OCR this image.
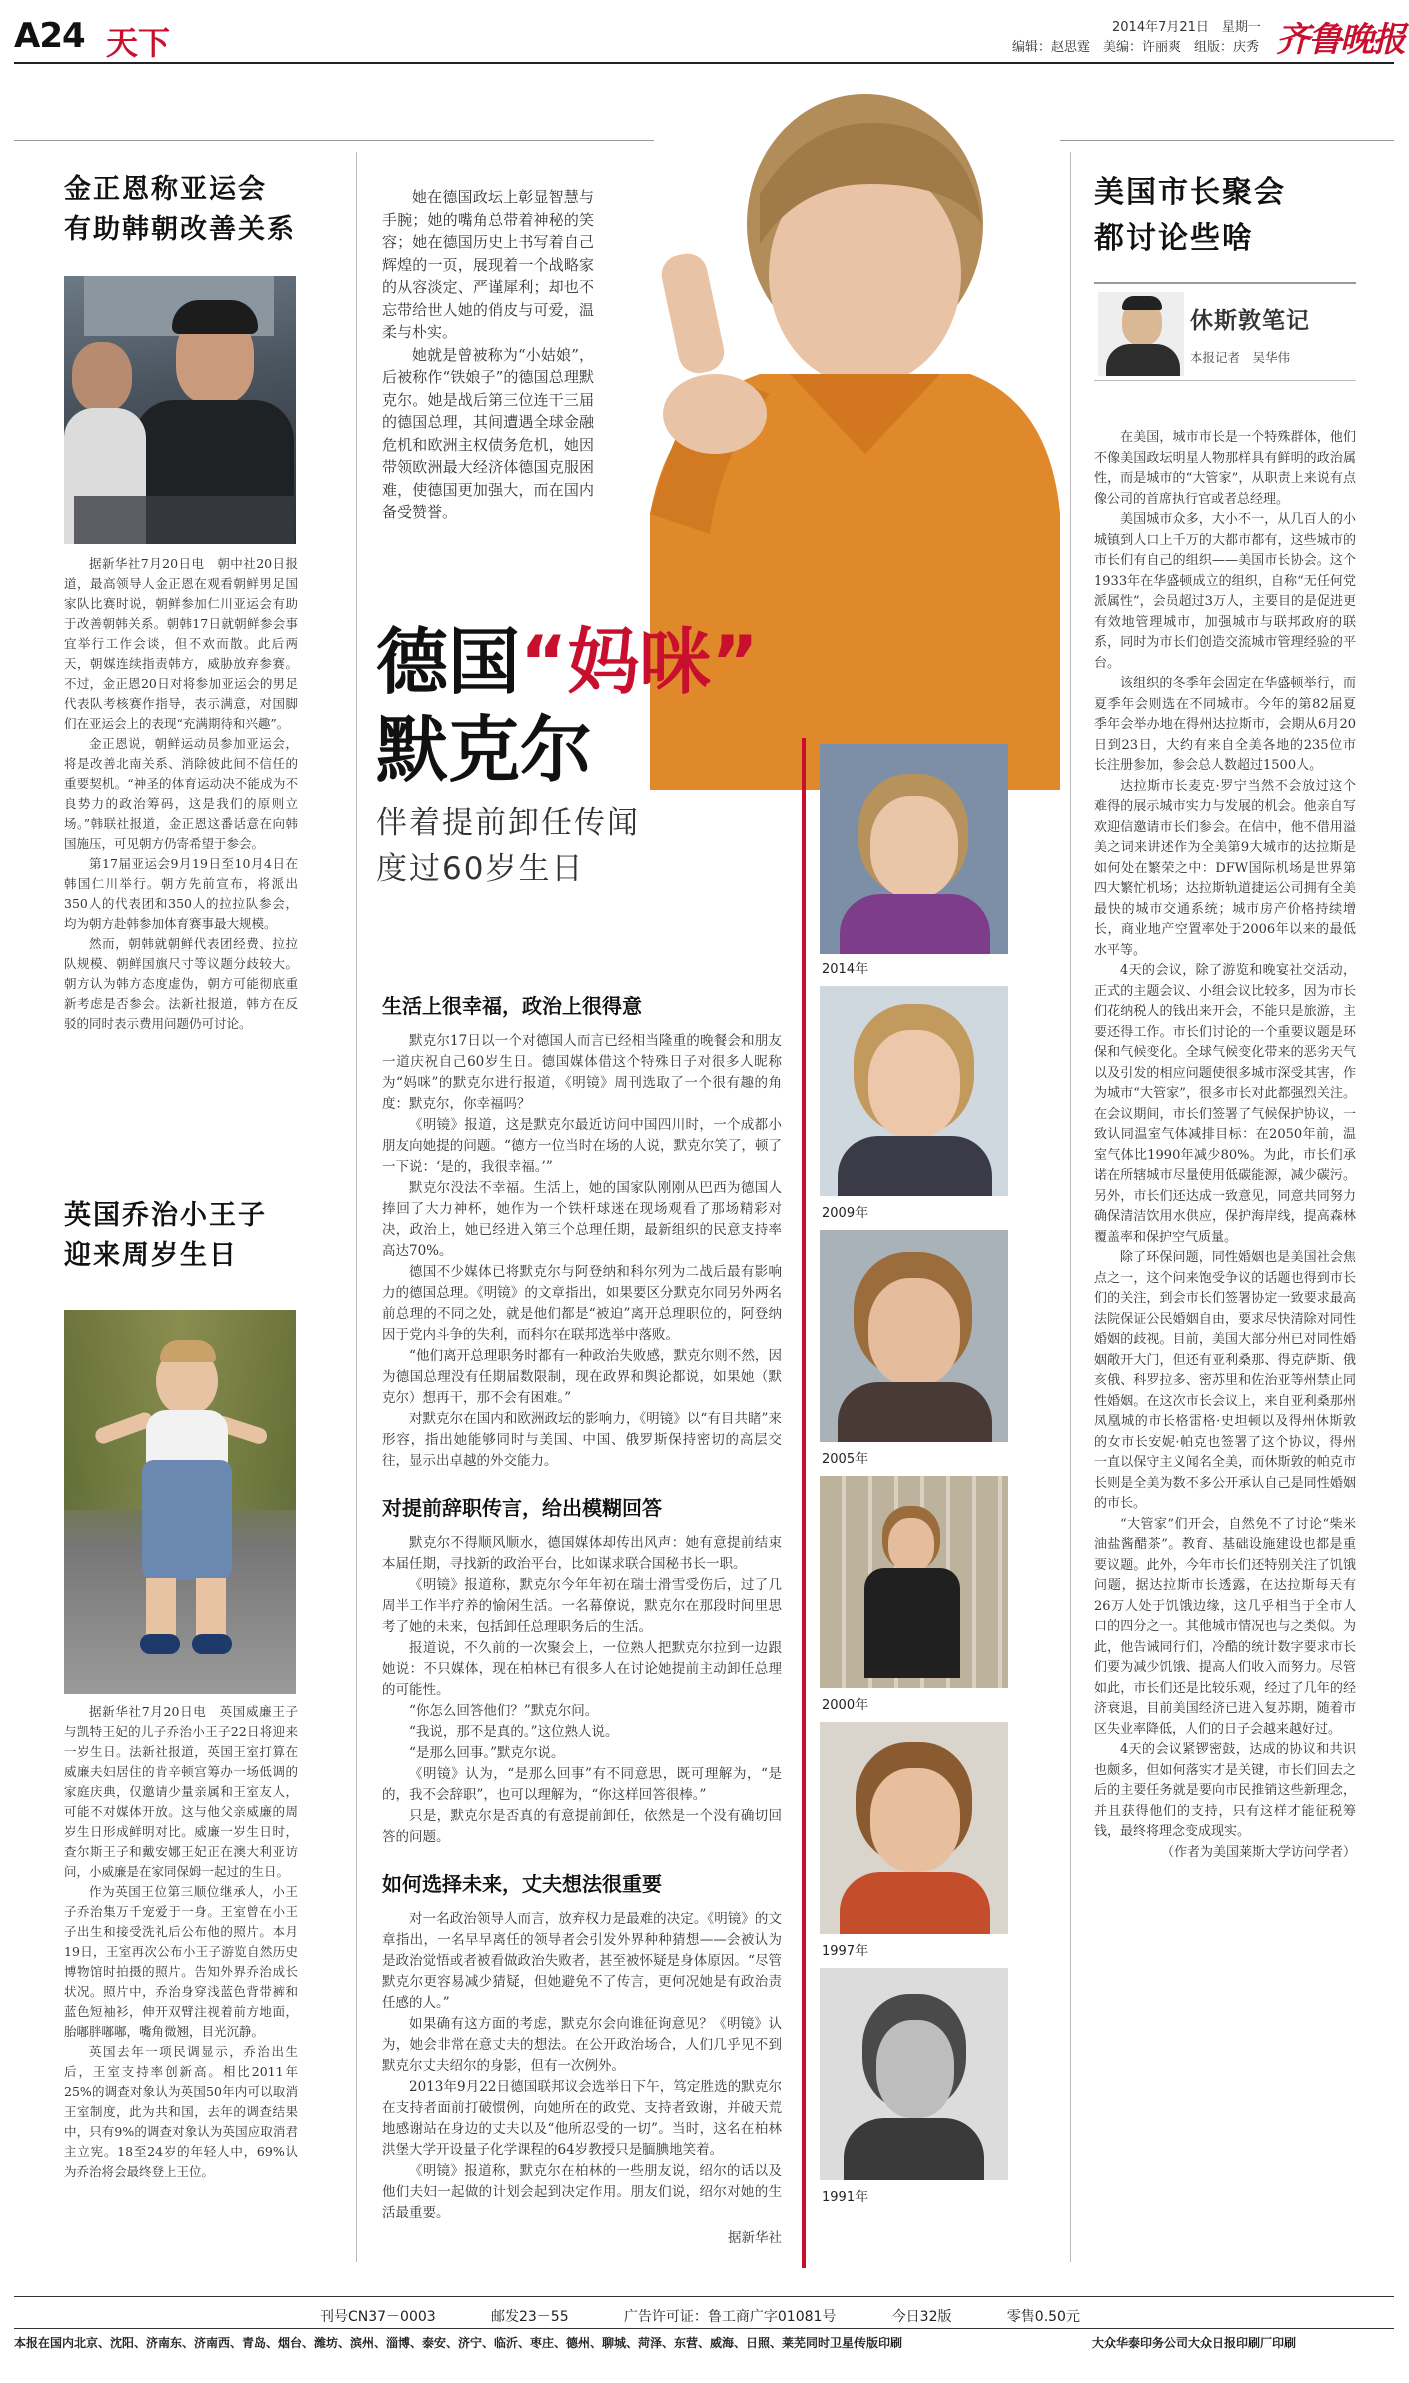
A24 天下	2014年7月21日　星期一
编辑：赵思霆　美编：许丽爽　组版：庆秀 齐鲁晚报
金正恩称亚运会
有助韩朝改善关系

据新华社7月20日电　朝中社20日报道，最高领导人金正恩在观看朝鲜男足国家队比赛时说，朝鲜参加仁川亚运会有助于改善朝韩关系。朝韩17日就朝鲜参会事宜举行工作会谈，但不欢而散。此后两天，朝媒连续指责韩方，威胁放弃参赛。不过，金正恩20日对将参加亚运会的男足代表队考核赛作指导，表示满意，对国脚们在亚运会上的表现“充满期待和兴趣”。

金正恩说，朝鲜运动员参加亚运会，将是改善北南关系、消除彼此间不信任的重要契机。“神圣的体育运动决不能成为不良势力的政治筹码，这是我们的原则立场。”韩联社报道，金正恩这番话意在向韩国施压，可见朝方仍寄希望于参会。

第17届亚运会9月19日至10月4日在韩国仁川举行。朝方先前宣布，将派出350人的代表团和350人的拉拉队参会，均为朝方赴韩参加体育赛事最大规模。

然而，朝韩就朝鲜代表团经费、拉拉队规模、朝鲜国旗尺寸等议题分歧较大。朝方认为韩方态度虚伪，朝方可能彻底重新考虑是否参会。法新社报道，韩方在反驳的同时表示费用问题仍可讨论。

英国乔治小王子
迎来周岁生日

据新华社7月20日电　英国威廉王子与凯特王妃的儿子乔治小王子22日将迎来一岁生日。法新社报道，英国王室打算在威廉夫妇居住的肯辛顿宫筹办一场低调的家庭庆典，仅邀请少量亲属和王室友人，可能不对媒体开放。这与他父亲威廉的周岁生日形成鲜明对比。威廉一岁生日时，查尔斯王子和戴安娜王妃正在澳大利亚访问，小威廉是在家同保姆一起过的生日。

作为英国王位第三顺位继承人，小王子乔治集万千宠爱于一身。王室曾在小王子出生和接受洗礼后公布他的照片。本月19日，王室再次公布小王子游览自然历史博物馆时拍摄的照片。告知外界乔治成长状况。照片中，乔治身穿浅蓝色背带裤和蓝色短袖衫，伸开双臂注视着前方地面，胎嘟胖嘟嘟，嘴角微翘，目光沉静。

英国去年一项民调显示，乔治出生后，王室支持率创新高。相比2011年25%的调查对象认为英国50年内可以取消王室制度，此为共和国，去年的调查结果中，只有9%的调查对象认为英国应取消君主立宪。18至24岁的年轻人中，69%认为乔治将会最终登上王位。

她在德国政坛上彰显智慧与手腕；她的嘴角总带着神秘的笑容；她在德国历史上书写着自己辉煌的一页，展现着一个战略家的从容淡定、严谨犀利；却也不忘带给世人她的俏皮与可爱，温柔与朴实。

她就是曾被称为“小姑娘”，后被称作“铁娘子”的德国总理默克尔。她是战后第三位连干三届的德国总理，其间遭遇全球金融危机和欧洲主权债务危机，她因带领欧洲最大经济体德国克服困难，使德国更加强大，而在国内备受赞誉。

德国“妈咪”
默克尔
伴着提前卸任传闻
度过60岁生日
生活上很幸福，政治上很得意

默克尔17日以一个对德国人而言已经相当隆重的晚餐会和朋友一道庆祝自己60岁生日。德国媒体借这个特殊日子对很多人昵称为“妈咪”的默克尔进行报道，《明镜》周刊选取了一个很有趣的角度：默克尔，你幸福吗？

《明镜》报道，这是默克尔最近访问中国四川时，一个成都小朋友向她提的问题。“德方一位当时在场的人说，默克尔笑了，顿了一下说：‘是的，我很幸福。’”

默克尔没法不幸福。生活上，她的国家队刚刚从巴西为德国人捧回了大力神杯，她作为一个铁杆球迷在现场观看了那场精彩对决，政治上，她已经进入第三个总理任期，最新组织的民意支持率高达70%。

德国不少媒体已将默克尔与阿登纳和科尔列为二战后最有影响力的德国总理。《明镜》的文章指出，如果要区分默克尔同另外两名前总理的不同之处，就是他们都是“被迫”离开总理职位的，阿登纳因于党内斗争的失利，而科尔在联邦选举中落败。

“他们离开总理职务时都有一种政治失败感，默克尔则不然，因为德国总理没有任期届数限制，现在政界和舆论都说，如果她（默克尔）想再干，那不会有困难。”

对默克尔在国内和欧洲政坛的影响力，《明镜》以“有目共睹”来形容，指出她能够同时与美国、中国、俄罗斯保持密切的高层交往，显示出卓越的外交能力。

对提前辞职传言，给出模糊回答

默克尔不得顺风顺水，德国媒体却传出风声：她有意提前结束本届任期，寻找新的政治平台，比如谋求联合国秘书长一职。

《明镜》报道称，默克尔今年年初在瑞士滑雪受伤后，过了几周半工作半疗养的愉闲生活。一名幕僚说，默克尔在那段时间里思考了她的未来，包括卸任总理职务后的生活。

报道说，不久前的一次聚会上，一位熟人把默克尔拉到一边跟她说：不只媒体，现在柏林已有很多人在讨论她提前主动卸任总理的可能性。

“你怎么回答他们？”默克尔问。

“我说，那不是真的。”这位熟人说。

“是那么回事。”默克尔说。

《明镜》认为，“是那么回事”有不同意思，既可理解为，“是的，我不会辞职”，也可以理解为，“你这样回答很棒。”

只是，默克尔是否真的有意提前卸任，依然是一个没有确切回答的问题。

如何选择未来，丈夫想法很重要

对一名政治领导人而言，放弃权力是最难的决定。《明镜》的文章指出，一名早早离任的领导者会引发外界种种猜想——会被认为是政治觉悟或者被看做政治失败者，甚至被怀疑是身体原因。“尽管默克尔更容易减少猜疑，但她避免不了传言，更何况她是有政治责任感的人。”

如果确有这方面的考虑，默克尔会向谁征询意见？《明镜》认为，她会非常在意丈夫的想法。在公开政治场合，人们几乎见不到默克尔丈夫绍尔的身影，但有一次例外。

2013年9月22日德国联邦议会选举日下午，笃定胜选的默克尔在支持者面前打破惯例，向她所在的政党、支持者致谢，并破天荒地感谢站在身边的丈夫以及“他所忍受的一切”。当时，这名在柏林洪堡大学开设量子化学课程的64岁教授只是腼腆地笑着。

《明镜》报道称，默克尔在柏林的一些朋友说，绍尔的话以及他们夫妇一起做的计划会起到决定作用。朋友们说，绍尔对她的生活最重要。

据新华社
2014年
2009年
2005年
2000年
1997年
1991年
美国市长聚会
都讨论些啥
休斯敦笔记
本报记者　吴华伟

在美国，城市市长是一个特殊群体，他们不像美国政坛明星人物那样具有鲜明的政治属性，而是城市的“大管家”，从职责上来说有点像公司的首席执行官或者总经理。

美国城市众多，大小不一，从几百人的小城镇到人口上千万的大都市都有，这些城市的市长们有自己的组织——美国市长协会。这个1933年在华盛顿成立的组织，自称“无任何党派属性”，会员超过3万人，主要目的是促进更有效地管理城市，加强城市与联邦政府的联系，同时为市长们创造交流城市管理经验的平台。

该组织的冬季年会固定在华盛顿举行，而夏季年会则选在不同城市。今年的第82届夏季年会举办地在得州达拉斯市，会期从6月20日到23日，大约有来自全美各地的235位市长注册参加，参会总人数超过1500人。

达拉斯市长麦克·罗宁当然不会放过这个难得的展示城市实力与发展的机会。他亲自写欢迎信邀请市长们参会。在信中，他不借用溢美之词来讲述作为全美第9大城市的达拉斯是如何处在繁荣之中：DFW国际机场是世界第四大繁忙机场；达拉斯轨道捷运公司拥有全美最快的城市交通系统；城市房产价格持续增长，商业地产空置率处于2006年以来的最低水平等。

4天的会议，除了游览和晚宴社交活动，正式的主题会议、小组会议比较多，因为市长们花纳税人的钱出来开会，不能只是旅游，主要还得工作。市长们讨论的一个重要议题是环保和气候变化。全球气候变化带来的恶劣天气以及引发的相应问题使很多城市深受其害，作为城市“大管家”，很多市长对此都强烈关注。在会议期间，市长们签署了气候保护协议，一致认同温室气体减排目标：在2050年前，温室气体比1990年减少80%。为此，市长们承诺在所辖城市尽量使用低碳能源，减少碳污。另外，市长们还达成一致意见，同意共同努力确保清洁饮用水供应，保护海岸线，提高森林覆盖率和保护空气质量。

除了环保问题，同性婚姻也是美国社会焦点之一，这个问来饱受争议的话题也得到市长们的关注，到会市长们签署协定一致要求最高法院保证公民婚姻自由，要求尽快清除对同性婚姻的歧视。目前，美国大部分州已对同性婚姻敞开大门，但还有亚利桑那、得克萨斯、俄亥俄、科罗拉多、密苏里和佐治亚等州禁止同性婚姻。在这次市长会议上，来自亚利桑那州凤凰城的市长格雷格·史坦顿以及得州休斯敦的女市长安妮·帕克也签署了这个协议，得州一直以保守主义闻名全美，而休斯敦的帕克市长则是全美为数不多公开承认自己是同性婚姻的市长。

“大管家”们开会，自然免不了讨论“柴米油盐酱醋茶”。教育、基础设施建设也都是重要议题。此外，今年市长们还特别关注了饥饿问题，据达拉斯市长透露，在达拉斯每天有26万人处于饥饿边缘，这几乎相当于全市人口的四分之一。其他城市情况也与之类似。为此，他告诫同行们，冷酷的统计数字要求市长们要为减少饥饿、提高人们收入而努力。尽管如此，市长们还是比较乐观，经过了几年的经济衰退，目前美国经济已进入复苏期，随着市区失业率降低，人们的日子会越来越好过。

4天的会议紧锣密鼓，达成的协议和共识也颇多，但如何落实才是关键，市长们回去之后的主要任务就是要向市民推销这些新理念，并且获得他们的支持，只有这样才能征税筹钱，最终将理念变成现实。

（作者为美国莱斯大学访问学者）
刊号CN37－0003	邮发23－55	广告许可证：鲁工商广字01081号	今日32版	零售0.50元
本报在国内北京、沈阳、济南东、济南西、青岛、烟台、潍坊、滨州、淄博、泰安、济宁、临沂、枣庄、德州、聊城、菏泽、东营、威海、日照、莱芜同时卫星传版印刷	大众华泰印务公司大众日报印刷厂印刷
